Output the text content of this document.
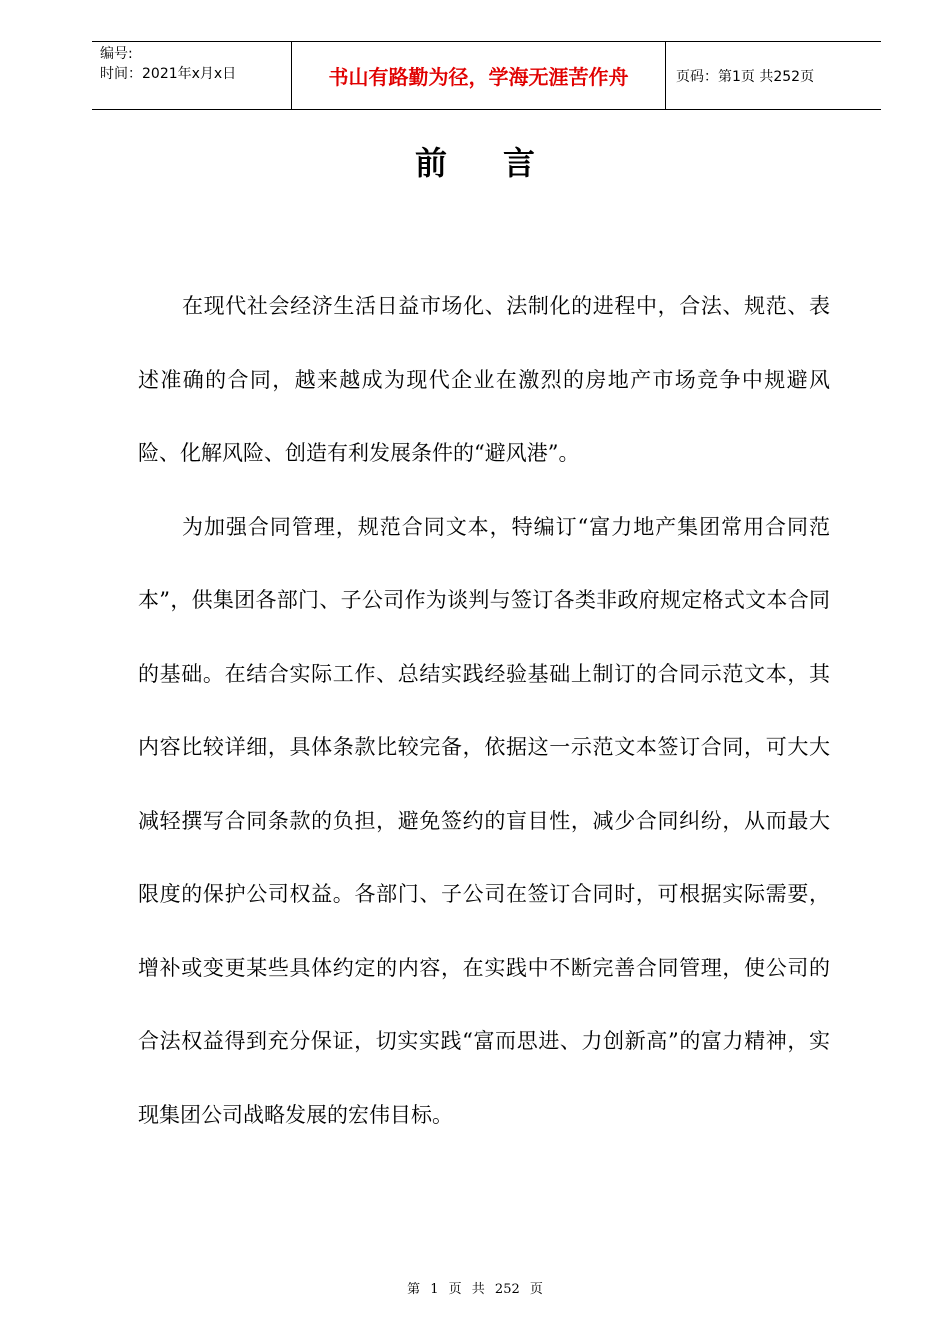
编号:
时间：2021年x月x日	书山有路勤为径，学海无涯苦作舟	页码：第1页 共252页
前言

在现代社会经济生活日益市场化、法制化的进程中，合法、规范、表述准确的合同，越来越成为现代企业在激烈的房地产市场竞争中规避风险、化解风险、创造有利发展条件的“避风港”。

为加强合同管理，规范合同文本，特编订“富力地产集团常用合同范本”，供集团各部门、子公司作为谈判与签订各类非政府规定格式文本合同的基础。在结合实际工作、总结实践经验基础上制订的合同示范文本，其内容比较详细，具体条款比较完备，依据这一示范文本签订合同，可大大减轻撰写合同条款的负担，避免签约的盲目性，减少合同纠纷，从而最大限度的保护公司权益。各部门、子公司在签订合同时，可根据实际需要，增补或变更某些具体约定的内容，在实践中不断完善合同管理，使公司的合法权益得到充分保证，切实实践“富而思进、力创新高”的富力精神，实现集团公司战略发展的宏伟目标。

第 1 页 共 252 页
